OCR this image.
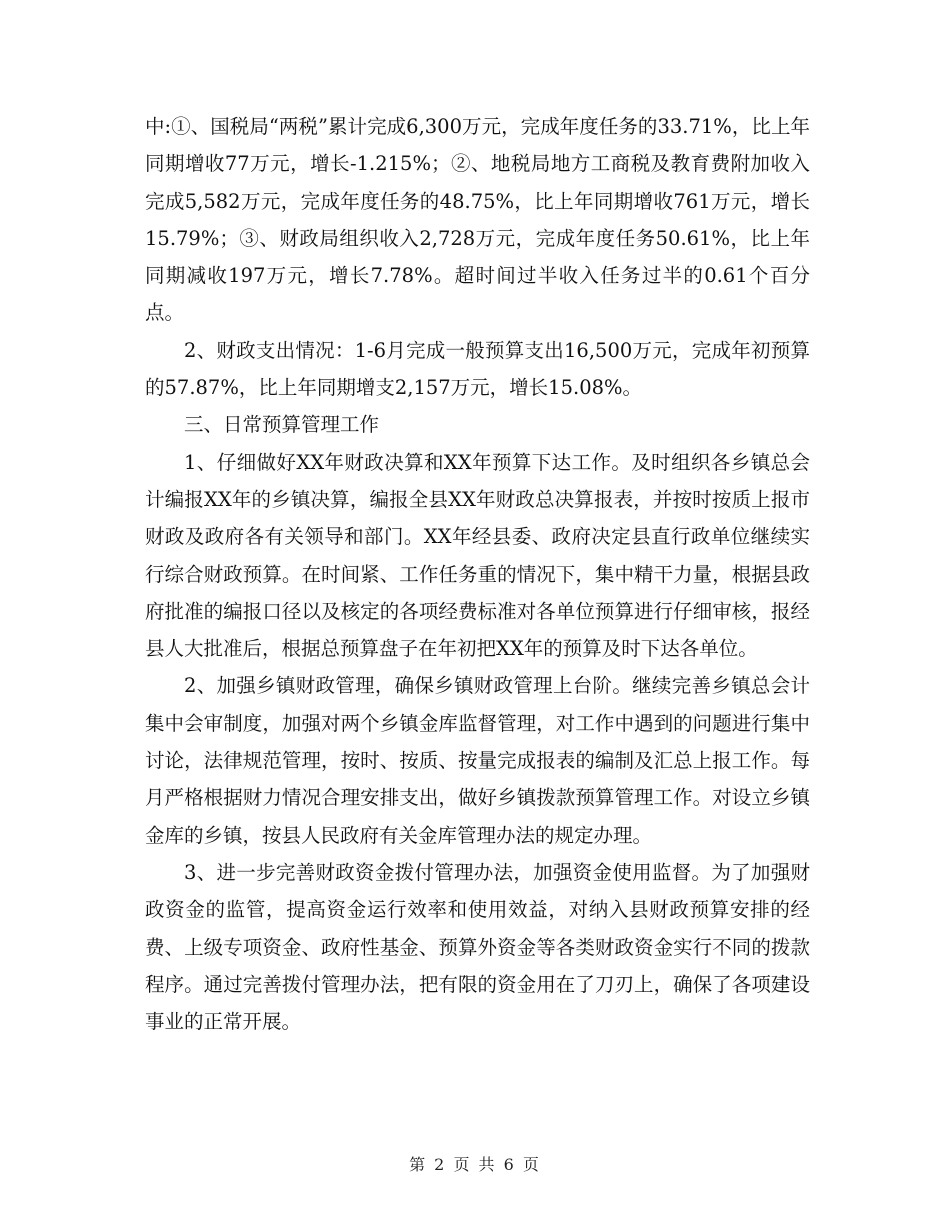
中:①、国税局“两税”累计完成6,300万元，完成年度任务的33.71%，比上年同期增收77万元，增长-1.215%；②、地税局地方工商税及教育费附加收入完成5,582万元，完成年度任务的48.75%，比上年同期增收761万元，增长15.79%；③、财政局组织收入2,728万元，完成年度任务50.61%，比上年同期减收197万元，增长7.78%。超时间过半收入任务过半的0.61个百分点。

2、财政支出情况：1-6月完成一般预算支出16,500万元，完成年初预算的57.87%，比上年同期增支2,157万元，增长15.08%。

三、日常预算管理工作

1、仔细做好XX年财政决算和XX年预算下达工作。及时组织各乡镇总会计编报XX年的乡镇决算，编报全县XX年财政总决算报表，并按时按质上报市财政及政府各有关领导和部门。XX年经县委、政府决定县直行政单位继续实行综合财政预算。在时间紧、工作任务重的情况下，集中精干力量，根据县政府批准的编报口径以及核定的各项经费标准对各单位预算进行仔细审核，报经县人大批准后，根据总预算盘子在年初把XX年的预算及时下达各单位。

2、加强乡镇财政管理，确保乡镇财政管理上台阶。继续完善乡镇总会计集中会审制度，加强对两个乡镇金库监督管理，对工作中遇到的问题进行集中讨论，法律规范管理，按时、按质、按量完成报表的编制及汇总上报工作。每月严格根据财力情况合理安排支出，做好乡镇拨款预算管理工作。对设立乡镇金库的乡镇，按县人民政府有关金库管理办法的规定办理。

3、进一步完善财政资金拨付管理办法，加强资金使用监督。为了加强财政资金的监管，提高资金运行效率和使用效益，对纳入县财政预算安排的经费、上级专项资金、政府性基金、预算外资金等各类财政资金实行不同的拨款程序。通过完善拨付管理办法，把有限的资金用在了刀刃上，确保了各项建设事业的正常开展。

第 2 页 共 6 页
